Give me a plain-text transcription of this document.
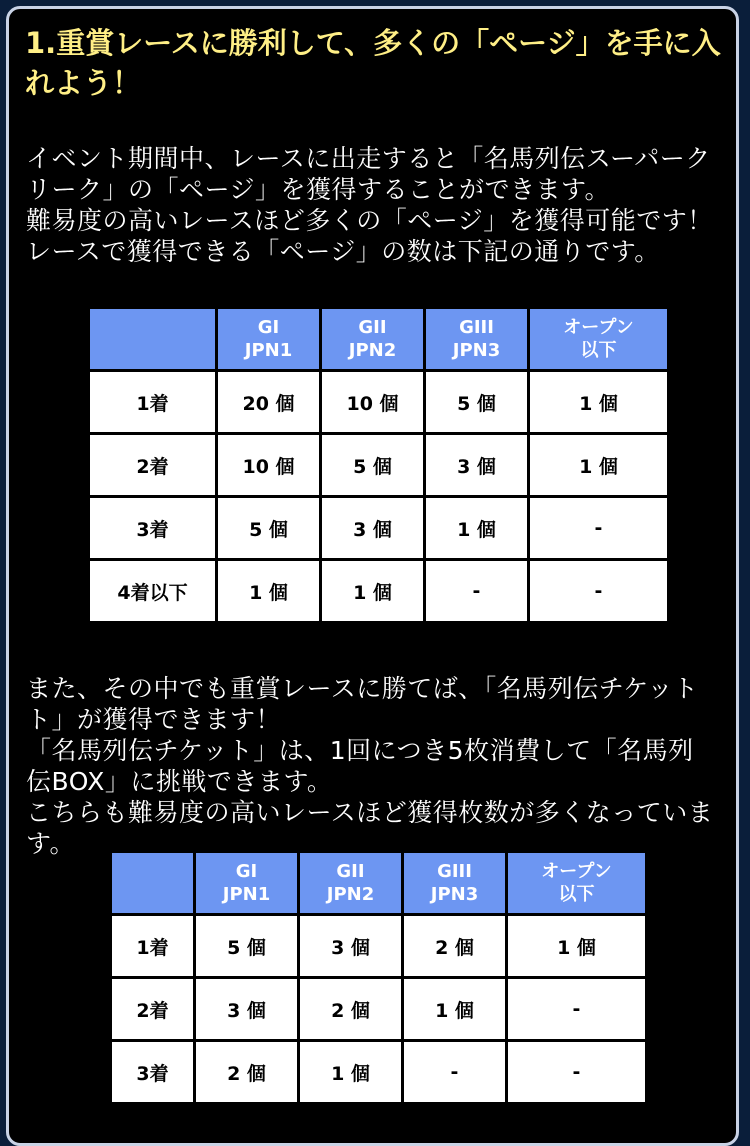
1.重賞レースに勝利して、多くの「ページ」を手に入れよう！

イベント期間中、レースに出走すると「名馬列伝スーパーク
リーク」の「ページ」を獲得することができます。
難易度の高いレースほど多くの「ページ」を獲得可能です！
レースで獲得できる「ページ」の数は下記の通りです。

	GI
JPN1	GII
JPN2	GIII
JPN3	オープン
以下

1着	20 個	10 個	5 個	1 個
2着	10 個	5 個	3 個	1 個
3着	5 個	3 個	1 個	-
4着以下	1 個	1 個	-	-

また、その中でも重賞レースに勝てば、「名馬列伝チケット
ト」が獲得できます！
「名馬列伝チケット」は、1回につき5枚消費して「名馬列
伝BOX」に挑戦できます。
こちらも難易度の高いレースほど獲得枚数が多くなっていま
す。

	GI
JPN1	GII
JPN2	GIII
JPN3	オープン
以下

1着	5 個	3 個	2 個	1 個
2着	3 個	2 個	1 個	-
3着	2 個	1 個	-	-
